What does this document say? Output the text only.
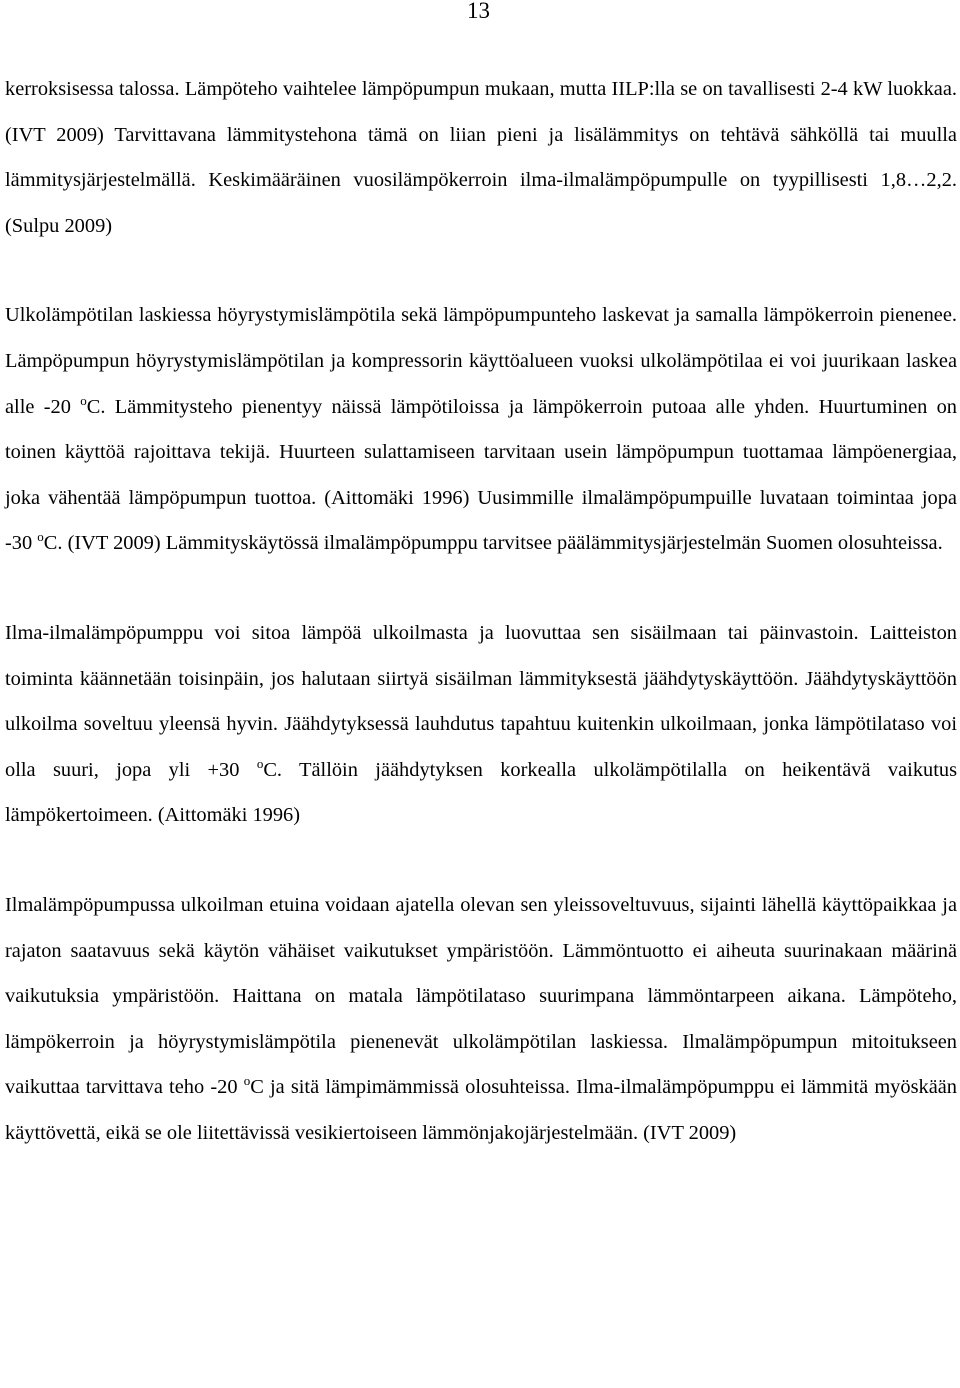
13

kerroksisessa talossa. Lämpöteho vaihtelee lämpöpumpun mukaan, mutta IILP:lla se on tavallisesti 2-4 kW luokkaa. (IVT 2009) Tarvittavana lämmitystehona tämä on liian pieni ja lisälämmitys on tehtävä sähköllä tai muulla lämmitysjärjestelmällä. Keskimääräinen vuosilämpökerroin ilma-ilmalämpöpumpulle on tyypillisesti 1,8…2,2. (Sulpu 2009)

Ulkolämpötilan laskiessa höyrystymislämpötila sekä lämpöpumpunteho laskevat ja samalla lämpökerroin pienenee. Lämpöpumpun höyrystymislämpötilan ja kompressorin käyttöalueen vuoksi ulkolämpötilaa ei voi juurikaan laskea alle -20 $^o$C. Lämmitysteho pienentyy näissä lämpötiloissa ja lämpökerroin putoaa alle yhden. Huurtuminen on toinen käyttöä rajoittava tekijä. Huurteen sulattamiseen tarvitaan usein lämpöpumpun tuottamaa lämpöenergiaa, joka vähentää lämpöpumpun tuottoa. (Aittomäki 1996) Uusimmille ilmalämpöpumpuille luvataan toimintaa jopa -30 $^o$C. (IVT 2009) Lämmityskäytössä ilmalämpöpumppu tarvitsee päälämmitysjärjestelmän Suomen olosuhteissa.

Ilma-ilmalämpöpumppu voi sitoa lämpöä ulkoilmasta ja luovuttaa sen sisäilmaan tai päinvastoin. Laitteiston toiminta käännetään toisinpäin, jos halutaan siirtyä sisäilman lämmityksestä jäähdytyskäyttöön. Jäähdytyskäyttöön ulkoilma soveltuu yleensä hyvin. Jäähdytyksessä lauhdutus tapahtuu kuitenkin ulkoilmaan, jonka lämpötilataso voi olla suuri, jopa yli +30 $^o$C. Tällöin jäähdytyksen korkealla ulkolämpötilalla on heikentävä vaikutus lämpökertoimeen. (Aittomäki 1996)

Ilmalämpöpumpussa ulkoilman etuina voidaan ajatella olevan sen yleissoveltuvuus, sijainti lähellä käyttöpaikkaa ja rajaton saatavuus sekä käytön vähäiset vaikutukset ympäristöön. Lämmöntuotto ei aiheuta suurinakaan määrinä vaikutuksia ympäristöön. Haittana on matala lämpötilataso suurimpana lämmöntarpeen aikana. Lämpöteho, lämpökerroin ja höyrystymislämpötila pienenevät ulkolämpötilan laskiessa. Ilmalämpöpumpun mitoitukseen vaikuttaa tarvittava teho -20 $^o$C ja sitä lämpimämmissä olosuhteissa. Ilma-ilmalämpöpumppu ei lämmitä myöskään käyttövettä, eikä se ole liitettävissä vesikiertoiseen lämmönjakojärjestelmään. (IVT 2009)
